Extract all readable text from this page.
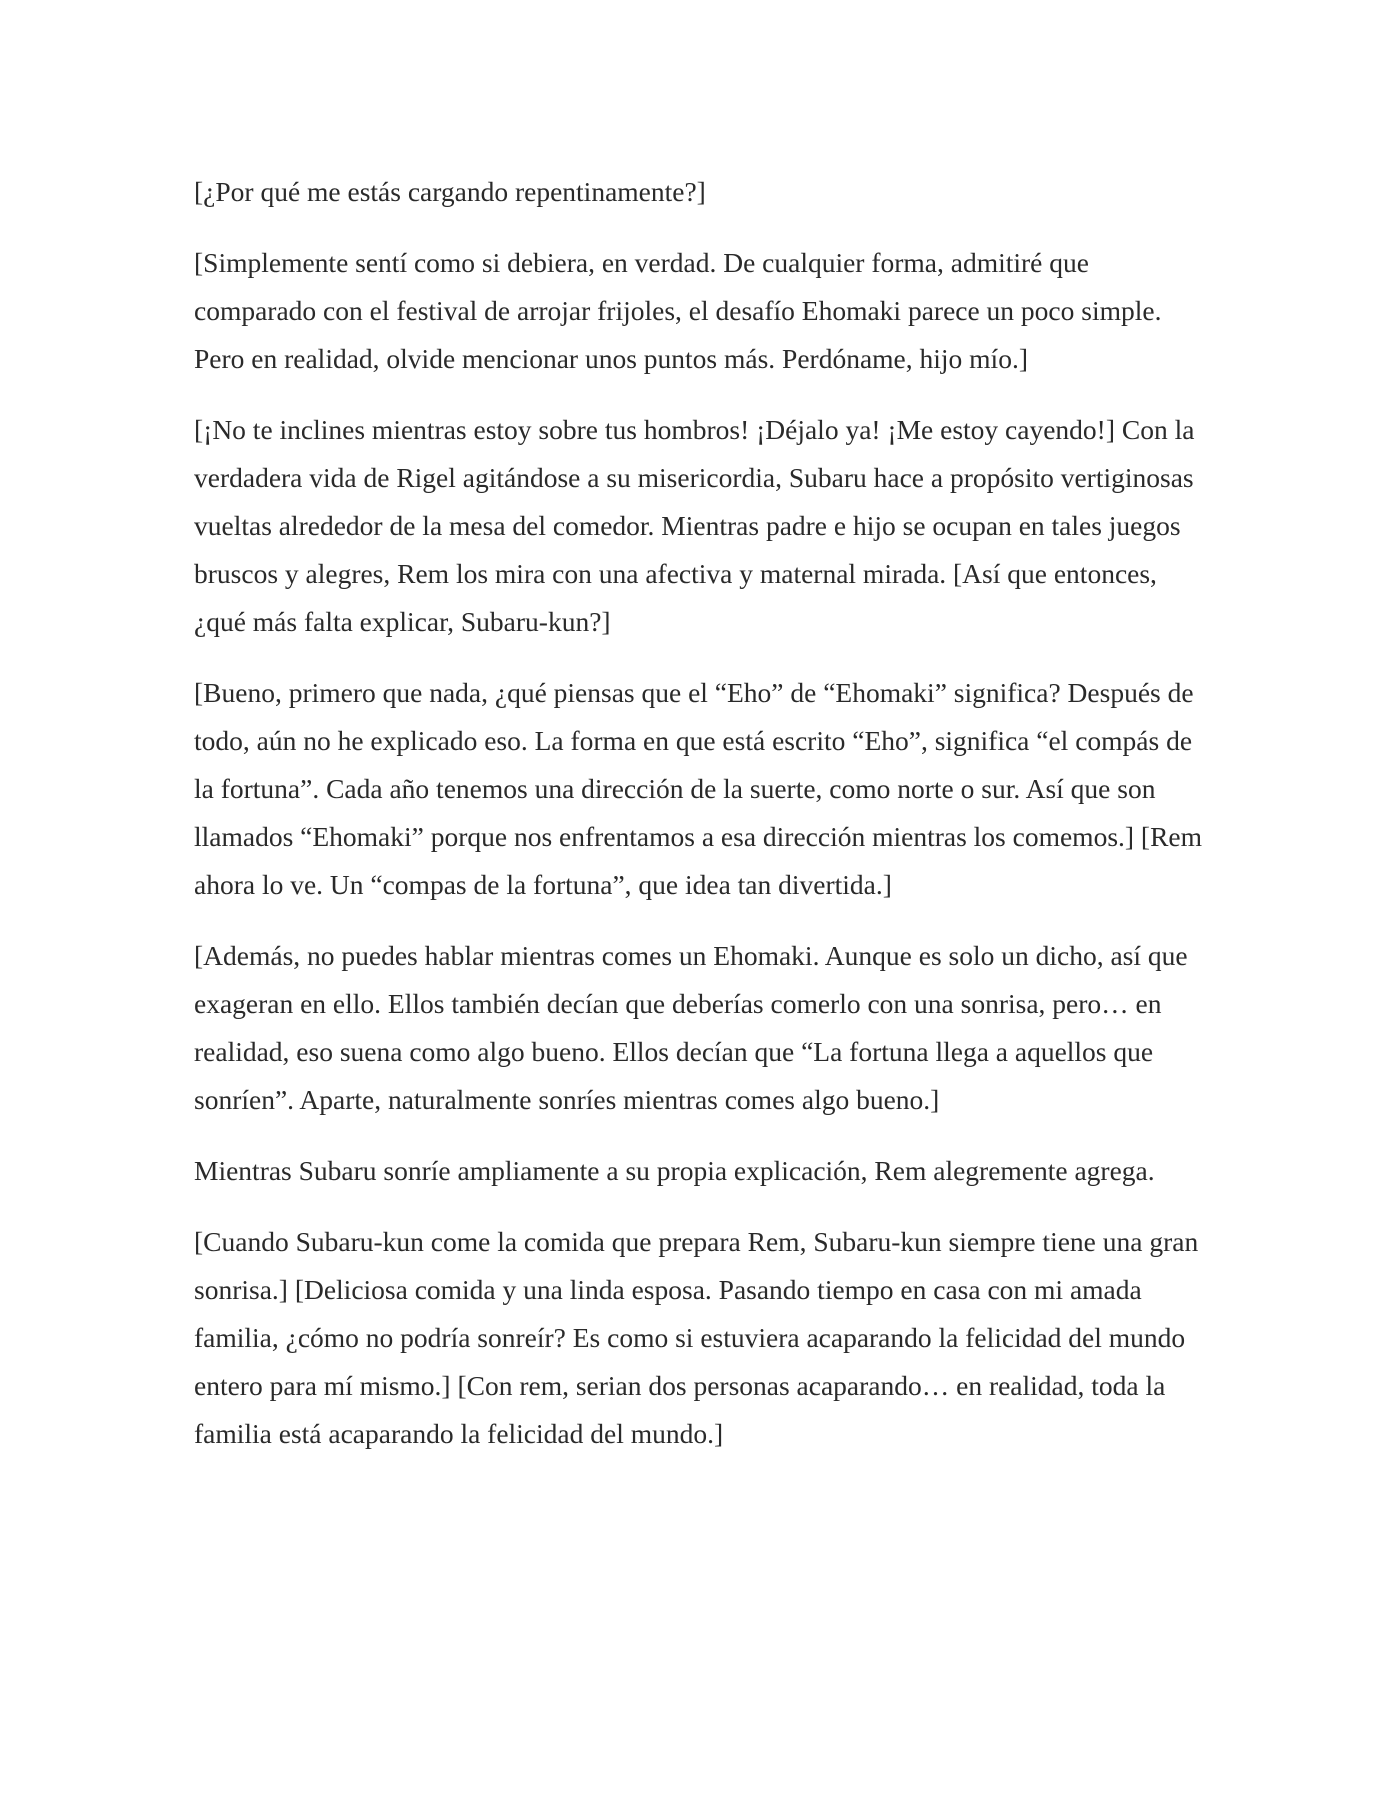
[¿Por qué me estás cargando repentinamente?]

[Simplemente sentí como si debiera, en verdad. De cualquier forma, admitiré que comparado con el festival de arrojar frijoles, el desafío Ehomaki parece un poco simple. Pero en realidad, olvide mencionar unos puntos más. Perdóname, hijo mío.]

[¡No te inclines mientras estoy sobre tus hombros! ¡Déjalo ya! ¡Me estoy cayendo!] Con la verdadera vida de Rigel agitándose a su misericordia, Subaru hace a propósito vertiginosas vueltas alrededor de la mesa del comedor. Mientras padre e hijo se ocupan en tales juegos bruscos y alegres, Rem los mira con una afectiva y maternal mirada. [Así que entonces, ¿qué más falta explicar, Subaru-kun?]

[Bueno, primero que nada, ¿qué piensas que el “Eho” de “Ehomaki” significa? Después de todo, aún no he explicado eso. La forma en que está escrito “Eho”, significa “el compás de la fortuna”. Cada año tenemos una dirección de la suerte, como norte o sur. Así que son llamados “Ehomaki” porque nos enfrentamos a esa dirección mientras los comemos.] [Rem ahora lo ve. Un “compas de la fortuna”, que idea tan divertida.]

[Además, no puedes hablar mientras comes un Ehomaki. Aunque es solo un dicho, así que exageran en ello. Ellos también decían que deberías comerlo con una sonrisa, pero… en realidad, eso suena como algo bueno. Ellos decían que “La fortuna llega a aquellos que sonríen”. Aparte, naturalmente sonríes mientras comes algo bueno.]

Mientras Subaru sonríe ampliamente a su propia explicación, Rem alegremente agrega.

[Cuando Subaru-kun come la comida que prepara Rem, Subaru-kun siempre tiene una gran sonrisa.] [Deliciosa comida y una linda esposa. Pasando tiempo en casa con mi amada familia, ¿cómo no podría sonreír? Es como si estuviera acaparando la felicidad del mundo entero para mí mismo.] [Con rem, serian dos personas acaparando… en realidad, toda la familia está acaparando la felicidad del mundo.]
